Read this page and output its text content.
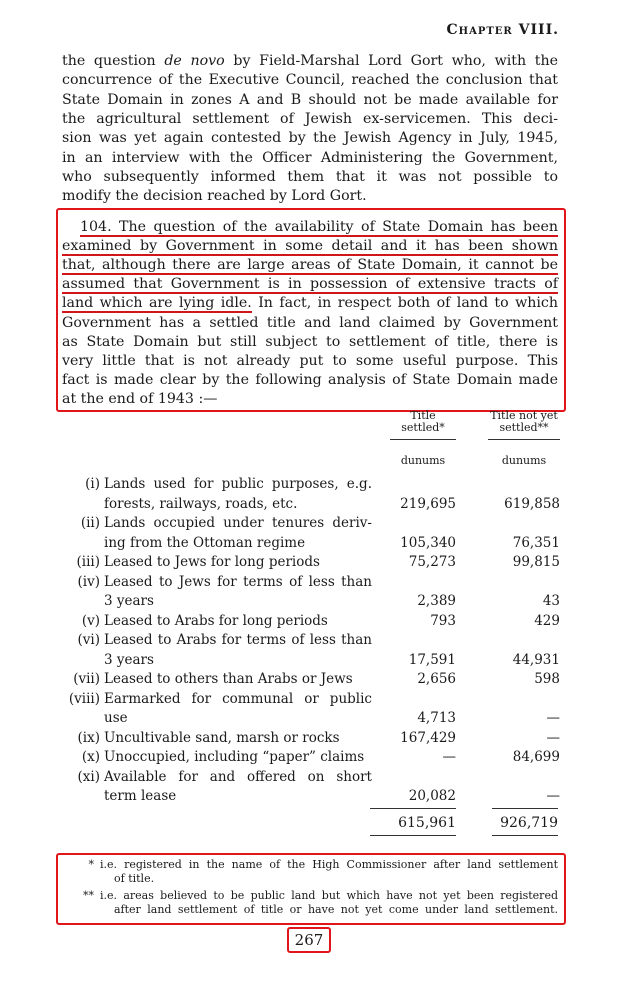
Chapter VIII.
the question de novo by Field-Marshal Lord Gort who, with the
concurrence of the Executive Council, reached the conclusion that
State Domain in zones A and B should not be made available for
the agricultural settlement of Jewish ex-servicemen. This deci-
sion was yet again contested by the Jewish Agency in July, 1945,
in an interview with the Officer Administering the Government,
who subsequently informed them that it was not possible to
modify the decision reached by Lord Gort.
104. The question of the availability of State Domain has been
examined by Government in some detail and it has been shown
that, although there are large areas of State Domain, it cannot be
assumed that Government is in possession of extensive tracts of
land which are lying idle. In fact, in respect both of land to which
Government has a settled title and land claimed by Government
as State Domain but still subject to settlement of title, there is
very little that is not already put to some useful purpose. This
fact is made clear by the following analysis of State Domain made
at the end of 1943 :—
Title
settled*
Title not yet
settled**
dunums	dunums
(i) Lands used for public purposes, e.g.
forests, railways, roads, etc.	219,695	619,858
(ii) Lands occupied under tenures deriv-
ing from the Ottoman regime	105,340	76,351
(iii) Leased to Jews for long periods	75,273	99,815
(iv) Leased to Jews for terms of less than
3 years	2,389	43
(v) Leased to Arabs for long periods	793	429
(vi) Leased to Arabs for terms of less than
3 years	17,591	44,931
(vii) Leased to others than Arabs or Jews	2,656	598
(viii) Earmarked for communal or public
use	4,713	—
(ix) Uncultivable sand, marsh or rocks	167,429	—
(x) Unoccupied, including “paper” claims	—	84,699
(xi) Available for and offered on short
term lease	20,082	—
615,961	926,719
* i.e. registered in the name of the High Commissioner after land settlement
of title.
** i.e. areas believed to be public land but which have not yet been registered
after land settlement of title or have not yet come under land settlement.
267
